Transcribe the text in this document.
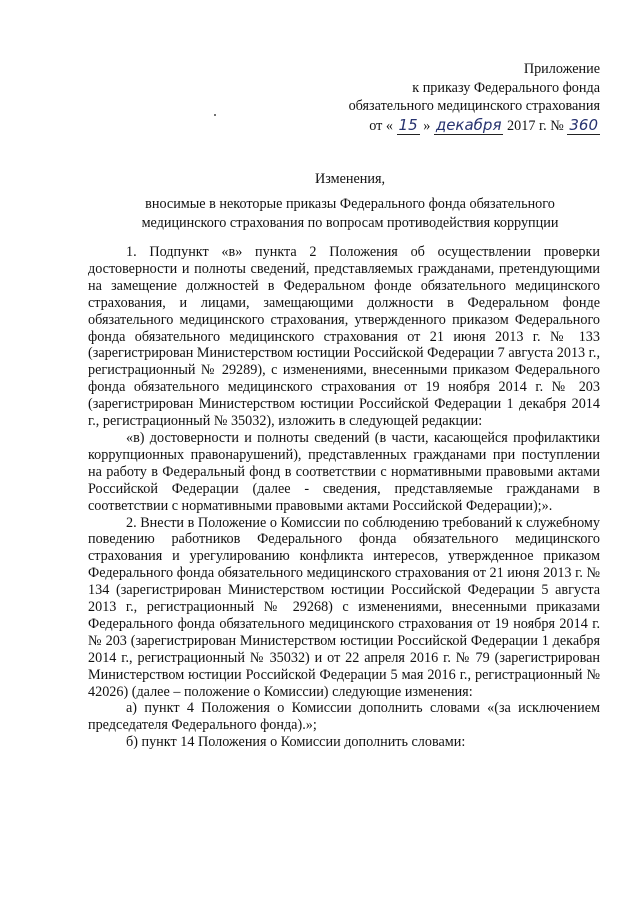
Приложение
к приказу Федерального фонда
обязательного медицинского страхования
от « 15 » декабря 2017 г. № 360
Изменения,
вносимые в некоторые приказы Федерального фонда обязательного
медицинского страхования по вопросам противодействия коррупции

1. Подпункт «в» пункта 2 Положения об осуществлении проверки достоверности и полноты сведений, представляемых гражданами, претендующими на замещение должностей в Федеральном фонде обязательного медицинского страхования, и лицами, замещающими должности в Федеральном фонде обязательного медицинского страхования, утвержденного приказом Федерального фонда обязательного медицинского страхования от 21 июня 2013 г. № 133 (зарегистрирован Министерством юстиции Российской Федерации 7 августа 2013 г., регистрационный № 29289), с изменениями, внесенными приказом Федерального фонда обязательного медицинского страхования от 19 ноября 2014 г. № 203 (зарегистрирован Министерством юстиции Российской Федерации 1 декабря 2014 г., регистрационный № 35032), изложить в следующей редакции:

«в) достоверности и полноты сведений (в части, касающейся профилактики коррупционных правонарушений), представленных гражданами при поступлении на работу в Федеральный фонд в соответствии с нормативными правовыми актами Российской Федерации (далее - сведения, представляемые гражданами в соответствии с нормативными правовыми актами Российской Федерации);».

2. Внести в Положение о Комиссии по соблюдению требований к служебному поведению работников Федерального фонда обязательного медицинского страхования и урегулированию конфликта интересов, утвержденное приказом Федерального фонда обязательного медицинского страхования от 21 июня 2013 г. № 134 (зарегистрирован Министерством юстиции Российской Федерации 5 августа 2013 г., регистрационный № 29268) с изменениями, внесенными приказами Федерального фонда обязательного медицинского страхования от 19 ноября 2014 г. № 203 (зарегистрирован Министерством юстиции Российской Федерации 1 декабря 2014 г., регистрационный № 35032) и от 22 апреля 2016 г. № 79 (зарегистрирован Министерством юстиции Российской Федерации 5 мая 2016 г., регистрационный № 42026) (далее – положение о Комиссии) следующие изменения:

а) пункт 4 Положения о Комиссии дополнить словами «(за исключением председателя Федерального фонда).»;

б) пункт 14 Положения о Комиссии дополнить словами:
